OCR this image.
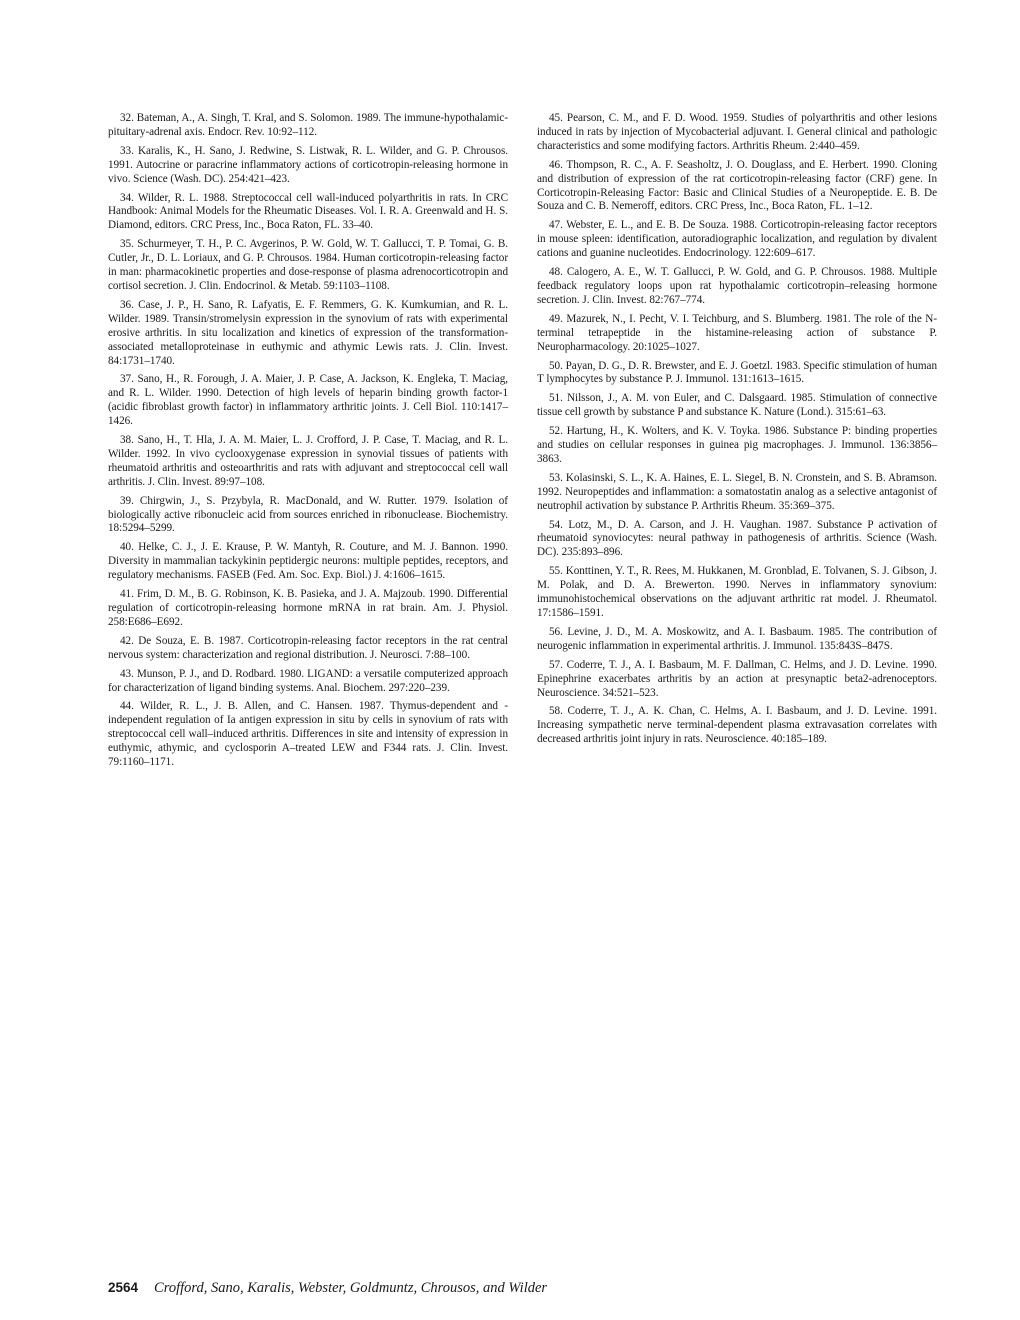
32. Bateman, A., A. Singh, T. Kral, and S. Solomon. 1989. The immune-hypothalamic-pituitary-adrenal axis. Endocr. Rev. 10:92–112.

33. Karalis, K., H. Sano, J. Redwine, S. Listwak, R. L. Wilder, and G. P. Chrousos. 1991. Autocrine or paracrine inflammatory actions of corticotropin-releasing hormone in vivo. Science (Wash. DC). 254:421–423.

34. Wilder, R. L. 1988. Streptococcal cell wall-induced polyarthritis in rats. In CRC Handbook: Animal Models for the Rheumatic Diseases. Vol. I. R. A. Greenwald and H. S. Diamond, editors. CRC Press, Inc., Boca Raton, FL. 33–40.

35. Schurmeyer, T. H., P. C. Avgerinos, P. W. Gold, W. T. Gallucci, T. P. Tomai, G. B. Cutler, Jr., D. L. Loriaux, and G. P. Chrousos. 1984. Human corticotropin-releasing factor in man: pharmacokinetic properties and dose-response of plasma adrenocorticotropin and cortisol secretion. J. Clin. Endocrinol. & Metab. 59:1103–1108.

36. Case, J. P., H. Sano, R. Lafyatis, E. F. Remmers, G. K. Kumkumian, and R. L. Wilder. 1989. Transin/stromelysin expression in the synovium of rats with experimental erosive arthritis. In situ localization and kinetics of expression of the transformation-associated metalloproteinase in euthymic and athymic Lewis rats. J. Clin. Invest. 84:1731–1740.

37. Sano, H., R. Forough, J. A. Maier, J. P. Case, A. Jackson, K. Engleka, T. Maciag, and R. L. Wilder. 1990. Detection of high levels of heparin binding growth factor-1 (acidic fibroblast growth factor) in inflammatory arthritic joints. J. Cell Biol. 110:1417–1426.

38. Sano, H., T. Hla, J. A. M. Maier, L. J. Crofford, J. P. Case, T. Maciag, and R. L. Wilder. 1992. In vivo cyclooxygenase expression in synovial tissues of patients with rheumatoid arthritis and osteoarthritis and rats with adjuvant and streptococcal cell wall arthritis. J. Clin. Invest. 89:97–108.

39. Chirgwin, J., S. Przybyla, R. MacDonald, and W. Rutter. 1979. Isolation of biologically active ribonucleic acid from sources enriched in ribonuclease. Biochemistry. 18:5294–5299.

40. Helke, C. J., J. E. Krause, P. W. Mantyh, R. Couture, and M. J. Bannon. 1990. Diversity in mammalian tackykinin peptidergic neurons: multiple peptides, receptors, and regulatory mechanisms. FASEB (Fed. Am. Soc. Exp. Biol.) J. 4:1606–1615.

41. Frim, D. M., B. G. Robinson, K. B. Pasieka, and J. A. Majzoub. 1990. Differential regulation of corticotropin-releasing hormone mRNA in rat brain. Am. J. Physiol. 258:E686–E692.

42. De Souza, E. B. 1987. Corticotropin-releasing factor receptors in the rat central nervous system: characterization and regional distribution. J. Neurosci. 7:88–100.

43. Munson, P. J., and D. Rodbard. 1980. LIGAND: a versatile computerized approach for characterization of ligand binding systems. Anal. Biochem. 297:220–239.

44. Wilder, R. L., J. B. Allen, and C. Hansen. 1987. Thymus-dependent and -independent regulation of Ia antigen expression in situ by cells in synovium of rats with streptococcal cell wall–induced arthritis. Differences in site and intensity of expression in euthymic, athymic, and cyclosporin A–treated LEW and F344 rats. J. Clin. Invest. 79:1160–1171.

45. Pearson, C. M., and F. D. Wood. 1959. Studies of polyarthritis and other lesions induced in rats by injection of Mycobacterial adjuvant. I. General clinical and pathologic characteristics and some modifying factors. Arthritis Rheum. 2:440–459.

46. Thompson, R. C., A. F. Seasholtz, J. O. Douglass, and E. Herbert. 1990. Cloning and distribution of expression of the rat corticotropin-releasing factor (CRF) gene. In Corticotropin-Releasing Factor: Basic and Clinical Studies of a Neuropeptide. E. B. De Souza and C. B. Nemeroff, editors. CRC Press, Inc., Boca Raton, FL. 1–12.

47. Webster, E. L., and E. B. De Souza. 1988. Corticotropin-releasing factor receptors in mouse spleen: identification, autoradiographic localization, and regulation by divalent cations and guanine nucleotides. Endocrinology. 122:609–617.

48. Calogero, A. E., W. T. Gallucci, P. W. Gold, and G. P. Chrousos. 1988. Multiple feedback regulatory loops upon rat hypothalamic corticotropin–releasing hormone secretion. J. Clin. Invest. 82:767–774.

49. Mazurek, N., I. Pecht, V. I. Teichburg, and S. Blumberg. 1981. The role of the N-terminal tetrapeptide in the histamine-releasing action of substance P. Neuropharmacology. 20:1025–1027.

50. Payan, D. G., D. R. Brewster, and E. J. Goetzl. 1983. Specific stimulation of human T lymphocytes by substance P. J. Immunol. 131:1613–1615.

51. Nilsson, J., A. M. von Euler, and C. Dalsgaard. 1985. Stimulation of connective tissue cell growth by substance P and substance K. Nature (Lond.). 315:61–63.

52. Hartung, H., K. Wolters, and K. V. Toyka. 1986. Substance P: binding properties and studies on cellular responses in guinea pig macrophages. J. Immunol. 136:3856–3863.

53. Kolasinski, S. L., K. A. Haines, E. L. Siegel, B. N. Cronstein, and S. B. Abramson. 1992. Neuropeptides and inflammation: a somatostatin analog as a selective antagonist of neutrophil activation by substance P. Arthritis Rheum. 35:369–375.

54. Lotz, M., D. A. Carson, and J. H. Vaughan. 1987. Substance P activation of rheumatoid synoviocytes: neural pathway in pathogenesis of arthritis. Science (Wash. DC). 235:893–896.

55. Konttinen, Y. T., R. Rees, M. Hukkanen, M. Gronblad, E. Tolvanen, S. J. Gibson, J. M. Polak, and D. A. Brewerton. 1990. Nerves in inflammatory synovium: immunohistochemical observations on the adjuvant arthritic rat model. J. Rheumatol. 17:1586–1591.

56. Levine, J. D., M. A. Moskowitz, and A. I. Basbaum. 1985. The contribution of neurogenic inflammation in experimental arthritis. J. Immunol. 135:843S–847S.

57. Coderre, T. J., A. I. Basbaum, M. F. Dallman, C. Helms, and J. D. Levine. 1990. Epinephrine exacerbates arthritis by an action at presynaptic beta2-adrenoceptors. Neuroscience. 34:521–523.

58. Coderre, T. J., A. K. Chan, C. Helms, A. I. Basbaum, and J. D. Levine. 1991. Increasing sympathetic nerve terminal-dependent plasma extravasation correlates with decreased arthritis joint injury in rats. Neuroscience. 40:185–189.

2564 Crofford, Sano, Karalis, Webster, Goldmuntz, Chrousos, and Wilder
